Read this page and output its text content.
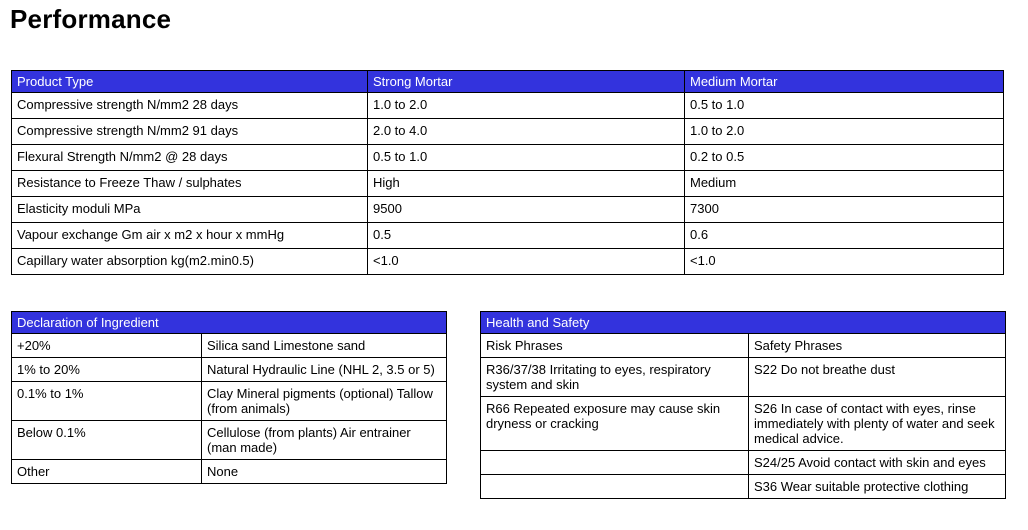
Performance
Product Type	Strong Mortar	Medium Mortar
Compressive strength N/mm2 28 days	1.0 to 2.0	0.5 to 1.0
Compressive strength N/mm2 91 days	2.0 to 4.0	1.0 to 2.0
Flexural Strength N/mm2 @ 28 days	0.5 to 1.0	0.2 to 0.5
Resistance to Freeze Thaw / sulphates	High	Medium
Elasticity moduli MPa	9500	7300
Vapour exchange Gm air x m2 x hour x mmHg	0.5	0.6
Capillary water absorption kg(m2.min0.5)	<1.0	<1.0
Declaration of Ingredient	
+20%	Silica sand Limestone sand
1% to 20%	Natural Hydraulic Line (NHL 2, 3.5 or 5)
0.1% to 1%	Clay Mineral pigments (optional) Tallow (from animals)
Below 0.1%	Cellulose (from plants) Air entrainer (man made)
Other	None
Health and Safety	
Risk Phrases	Safety Phrases
R36/37/38 Irritating to eyes, respiratory system and skin	S22 Do not breathe dust
R66 Repeated exposure may cause skin dryness or cracking	S26 In case of contact with eyes, rinse immediately with plenty of water and seek medical advice.
	S24/25 Avoid contact with skin and eyes
	S36 Wear suitable protective clothing
